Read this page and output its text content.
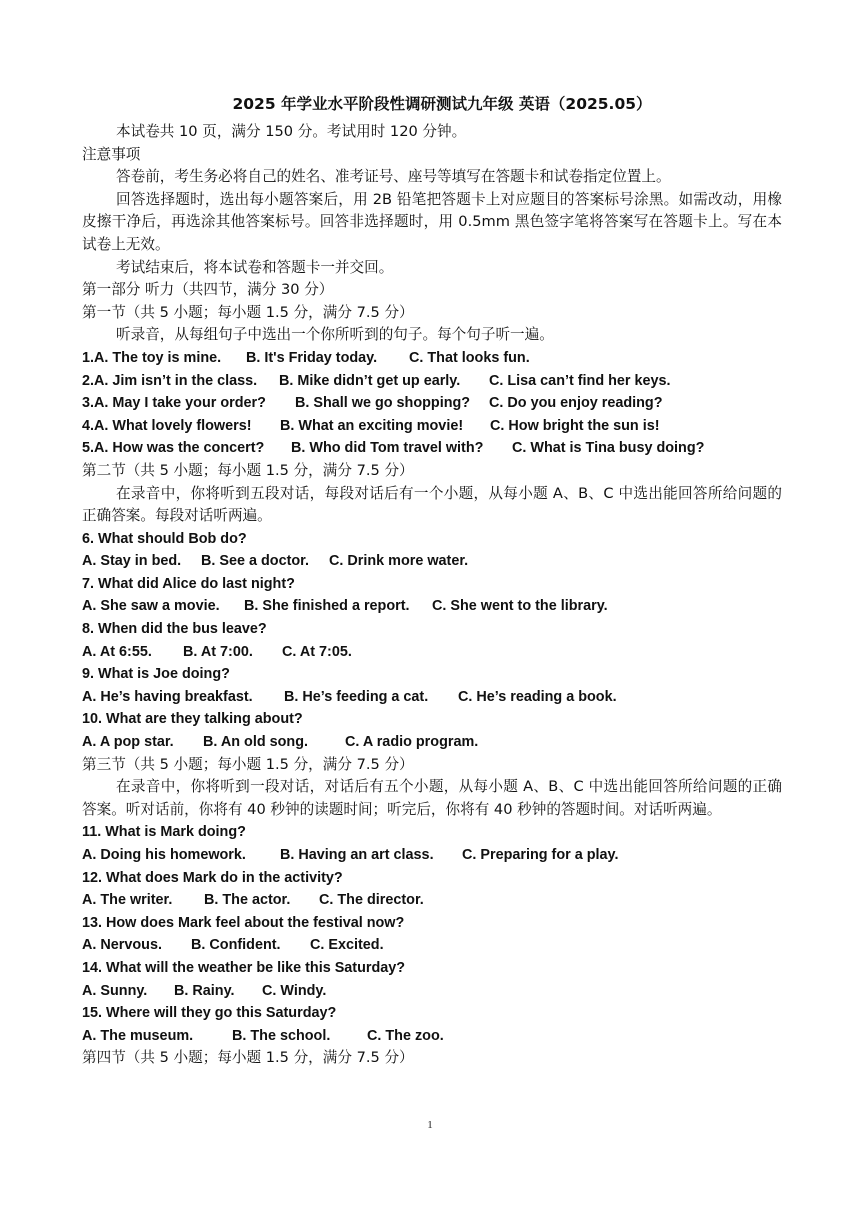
2025 年学业水平阶段性调研测试九年级 英语（2025.05）
本试卷共 10 页，满分 150 分。考试用时 120 分钟。
注意事项
答卷前，考生务必将自己的姓名、准考证号、座号等填写在答题卡和试卷指定位置上。
回答选择题时，选出每小题答案后，用 2B 铅笔把答题卡上对应题目的答案标号涂黑。如需改动，用橡皮擦干净后，再选涂其他答案标号。回答非选择题时，用 0.5mm 黑色签字笔将答案写在答题卡上。写在本试卷上无效。
考试结束后，将本试卷和答题卡一并交回。
第一部分 听力（共四节，满分 30 分）
第一节（共 5 小题；每小题 1.5 分，满分 7.5 分）
听录音，从每组句子中选出一个你所听到的句子。每个句子听一遍。
1.A. The toy is mine. B. It's Friday today. C. That looks fun.
2.A. Jim isn’t in the class. B. Mike didn’t get up early. C. Lisa can’t find her keys.
3.A. May I take your order? B. Shall we go shopping? C. Do you enjoy reading?
4.A. What lovely flowers! B. What an exciting movie! C. How bright the sun is!
5.A. How was the concert? B. Who did Tom travel with? C. What is Tina busy doing?
第二节（共 5 小题；每小题 1.5 分，满分 7.5 分）
在录音中，你将听到五段对话，每段对话后有一个小题，从每小题 A、B、C 中选出能回答所给问题的正确答案。每段对话听两遍。
6. What should Bob do?
A. Stay in bed. B. See a doctor. C. Drink more water.
7. What did Alice do last night?
A. She saw a movie. B. She finished a report. C. She went to the library.
8. When did the bus leave?
A. At 6:55. B. At 7:00. C. At 7:05.
9. What is Joe doing?
A. He’s having breakfast. B. He’s feeding a cat. C. He’s reading a book.
10. What are they talking about?
A. A pop star. B. An old song.	C. A radio program.
第三节（共 5 小题；每小题 1.5 分，满分 7.5 分）
在录音中，你将听到一段对话，对话后有五个小题，从每小题 A、B、C 中选出能回答所给问题的正确答案。听对话前，你将有 40 秒钟的读题时间；听完后，你将有 40 秒钟的答题时间。对话听两遍。
11. What is Mark doing?
A. Doing his homework. B. Having an art class. C. Preparing for a play.
12. What does Mark do in the activity?
A. The writer. B. The actor. C. The director.
13. How does Mark feel about the festival now?
A. Nervous. B. Confident. C. Excited.
14. What will the weather be like this Saturday?
A. Sunny. B. Rainy. C. Windy.
15. Where will they go this Saturday?
A. The museum.	B. The school.	C. The zoo.
第四节（共 5 小题；每小题 1.5 分，满分 7.5 分）
1
